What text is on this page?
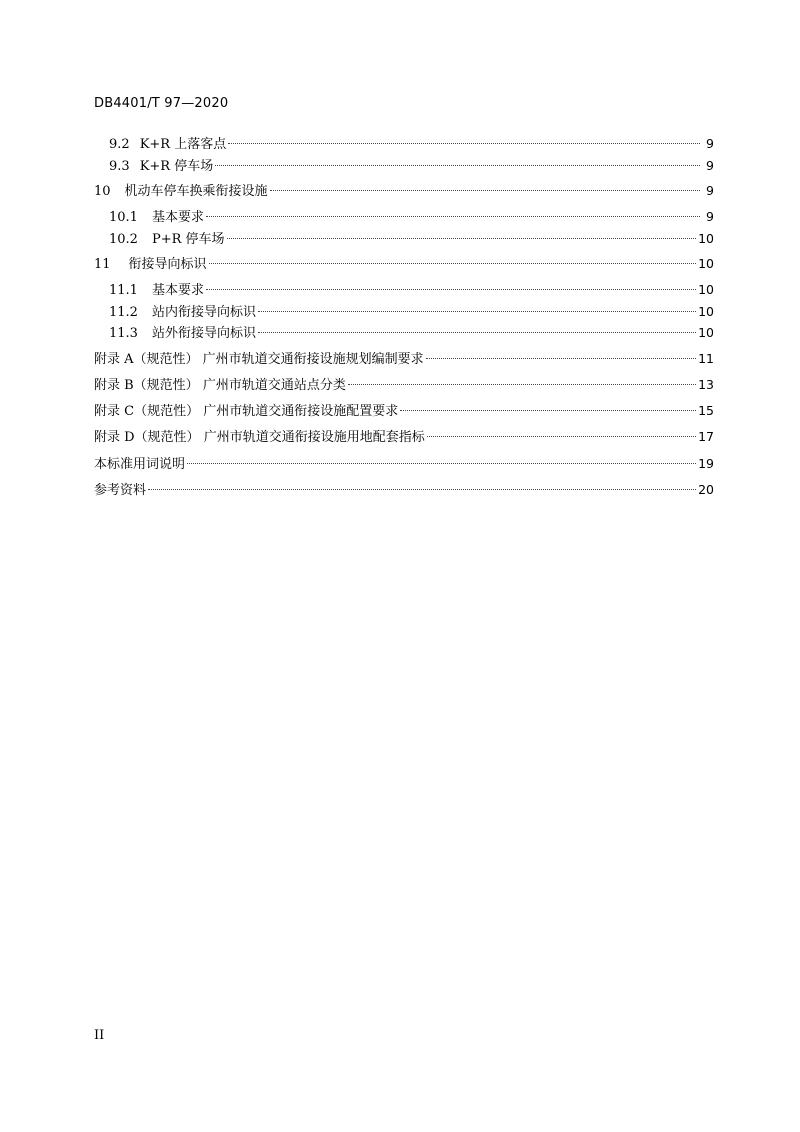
DB4401/T 97—2020
9.2 K+R 上落客点	9
9.3 K+R 停车场	9
10 机动车停车换乘衔接设施	9
10.1 基本要求	9
10.2 P+R 停车场	10
11 衔接导向标识	10
11.1 基本要求	10
11.2 站内衔接导向标识	10
11.3 站外衔接导向标识	10
附录 A（规范性） 广州市轨道交通衔接设施规划编制要求	11
附录 B（规范性） 广州市轨道交通站点分类	13
附录 C（规范性） 广州市轨道交通衔接设施配置要求	15
附录 D（规范性） 广州市轨道交通衔接设施用地配套指标	17
本标准用词说明	19
参考资料	20
II
